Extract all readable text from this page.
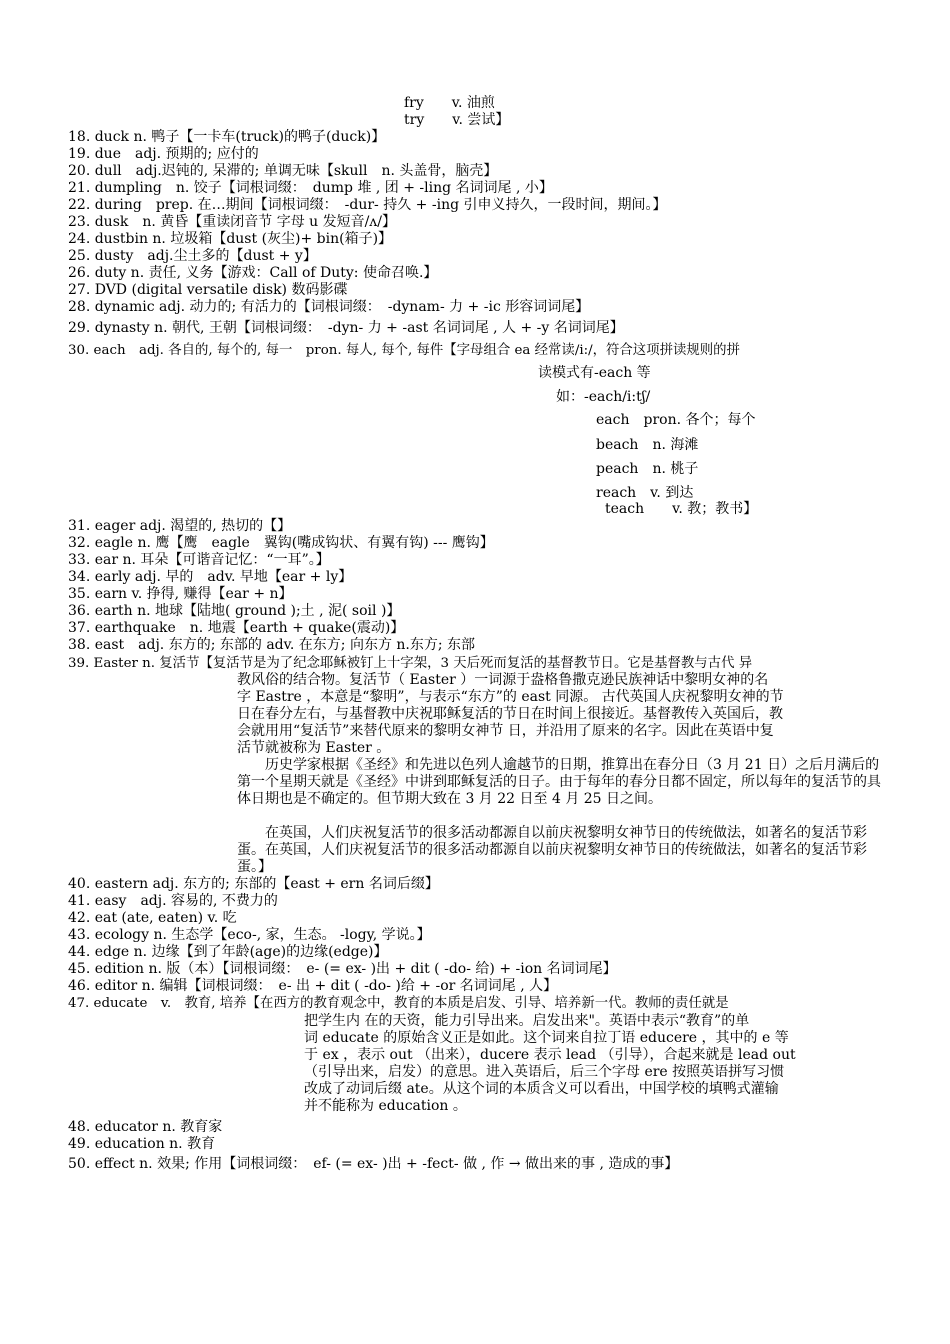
fry　　v. 油煎
try　　v. 尝试】
18. duck n. 鸭子【一卡车(truck)的鸭子(duck)】
19. due　adj. 预期的; 应付的
20. dull　adj.迟钝的, 呆滞的; 单调无味【skull　n. 头盖骨，脑壳】
21. dumpling　n. 饺子【词根词缀：　dump 堆 , 团 + -ling 名词词尾 , 小】
22. during　prep. 在…期间【词根词缀：　-dur- 持久 + -ing 引申义持久，一段时间，期间。】
23. dusk　n. 黄昏【重读闭音节 字母 u 发短音/ʌ/】
24. dustbin n. 垃圾箱【dust (灰尘)+ bin(箱子)】
25. dusty　adj.尘土多的【dust + y】
26. duty n. 责任, 义务【游戏：Call of Duty: 使命召唤.】
27. DVD (digital versatile disk) 数码影碟
28. dynamic adj. 动力的; 有活力的【词根词缀：　-dynam- 力 + -ic 形容词词尾】
29. dynasty n. 朝代, 王朝【词根词缀：　-dyn- 力 + -ast 名词词尾 , 人 + -y 名词词尾】
30. each　adj. 各自的, 每个的, 每一　pron. 每人, 每个, 每件【字母组合 ea 经常读/i:/，符合这项拼读规则的拼
读模式有-each 等
如：-each/i:tʃ/
each　pron. 各个；每个
beach　n. 海滩
peach　n. 桃子
reach　v. 到达
teach　　v. 教；教书】
31. eager adj. 渴望的, 热切的【】
32. eagle n. 鹰【鹰　eagle　翼钩(嘴成钩状、有翼有钩) --- 鹰钩】
33. ear n. 耳朵【可谐音记忆：“一耳”。】
34. early adj. 早的　adv. 早地【ear + ly】
35. earn v. 挣得, 赚得【ear + n】
36. earth n. 地球【陆地( ground );土 , 泥( soil )】
37. earthquake　n. 地震【earth + quake(震动)】
38. east　adj. 东方的; 东部的 adv. 在东方; 向东方 n.东方; 东部
39. Easter n. 复活节【复活节是为了纪念耶稣被钉上十字架，3 天后死而复活的基督教节日。它是基督教与古代 异
教风俗的结合物。复活节（ Easter ）一词源于盎格鲁撒克逊民族神话中黎明女神的名
字 Eastre ，本意是“黎明”，与表示“东方”的 east 同源。 古代英国人庆祝黎明女神的节
日在春分左右，与基督教中庆祝耶稣复活的节日在时间上很接近。基督教传入英国后，教
会就用用“复活节”来替代原来的黎明女神节 日，并沿用了原来的名字。因此在英语中复
活节就被称为 Easter 。
历史学家根据《圣经》和先进以色列人逾越节的日期，推算出在春分日（3 月 21 日）之后月满后的第一个星期天就是《圣经》中讲到耶稣复活的日子。由于每年的春分日都不固定，所以每年的复活节的具体日期也是不确定的。但节期大致在 3 月 22 日至 4 月 25 日之间。
在英国，人们庆祝复活节的很多活动都源自以前庆祝黎明女神节日的传统做法，如著名的复活节彩蛋。在英国，人们庆祝复活节的很多活动都源自以前庆祝黎明女神节日的传统做法，如著名的复活节彩蛋。】
40. eastern adj. 东方的; 东部的【east + ern 名词后缀】
41. easy　adj. 容易的, 不费力的
42. eat (ate, eaten) v. 吃
43. ecology n. 生态学【eco-, 家，生态。 -logy, 学说。】
44. edge n. 边缘【到了年龄(age)的边缘(edge)】
45. edition n. 版（本）【词根词缀：　e- (= ex- )出 + dit ( -do- 给) + -ion 名词词尾】
46. editor n. 编辑【词根词缀：　e- 出 + dit ( -do- )给 + -or 名词词尾 , 人】
47. educate　v.　教育, 培养【在西方的教育观念中，教育的本质是启发、引导、培养新一代。教师的责任就是
把学生内 在的天资，能力引导出来。启发出来"。英语中表示“教育”的单
词 educate 的原始含义正是如此。这个词来自拉丁语 educere ，其中的 e 等
于 ex ，表示 out （出来），ducere 表示 lead （引导），合起来就是 lead out
（引导出来，启发）的意思。进入英语后，后三个字母 ere 按照英语拼写习惯
改成了动词后缀 ate。从这个词的本质含义可以看出，中国学校的填鸭式灌输
并不能称为 education 。
48. educator n. 教育家
49. education n. 教育
50. effect n. 效果; 作用【词根词缀：　ef- (= ex- )出 + -fect- 做 , 作 → 做出来的事 , 造成的事】
